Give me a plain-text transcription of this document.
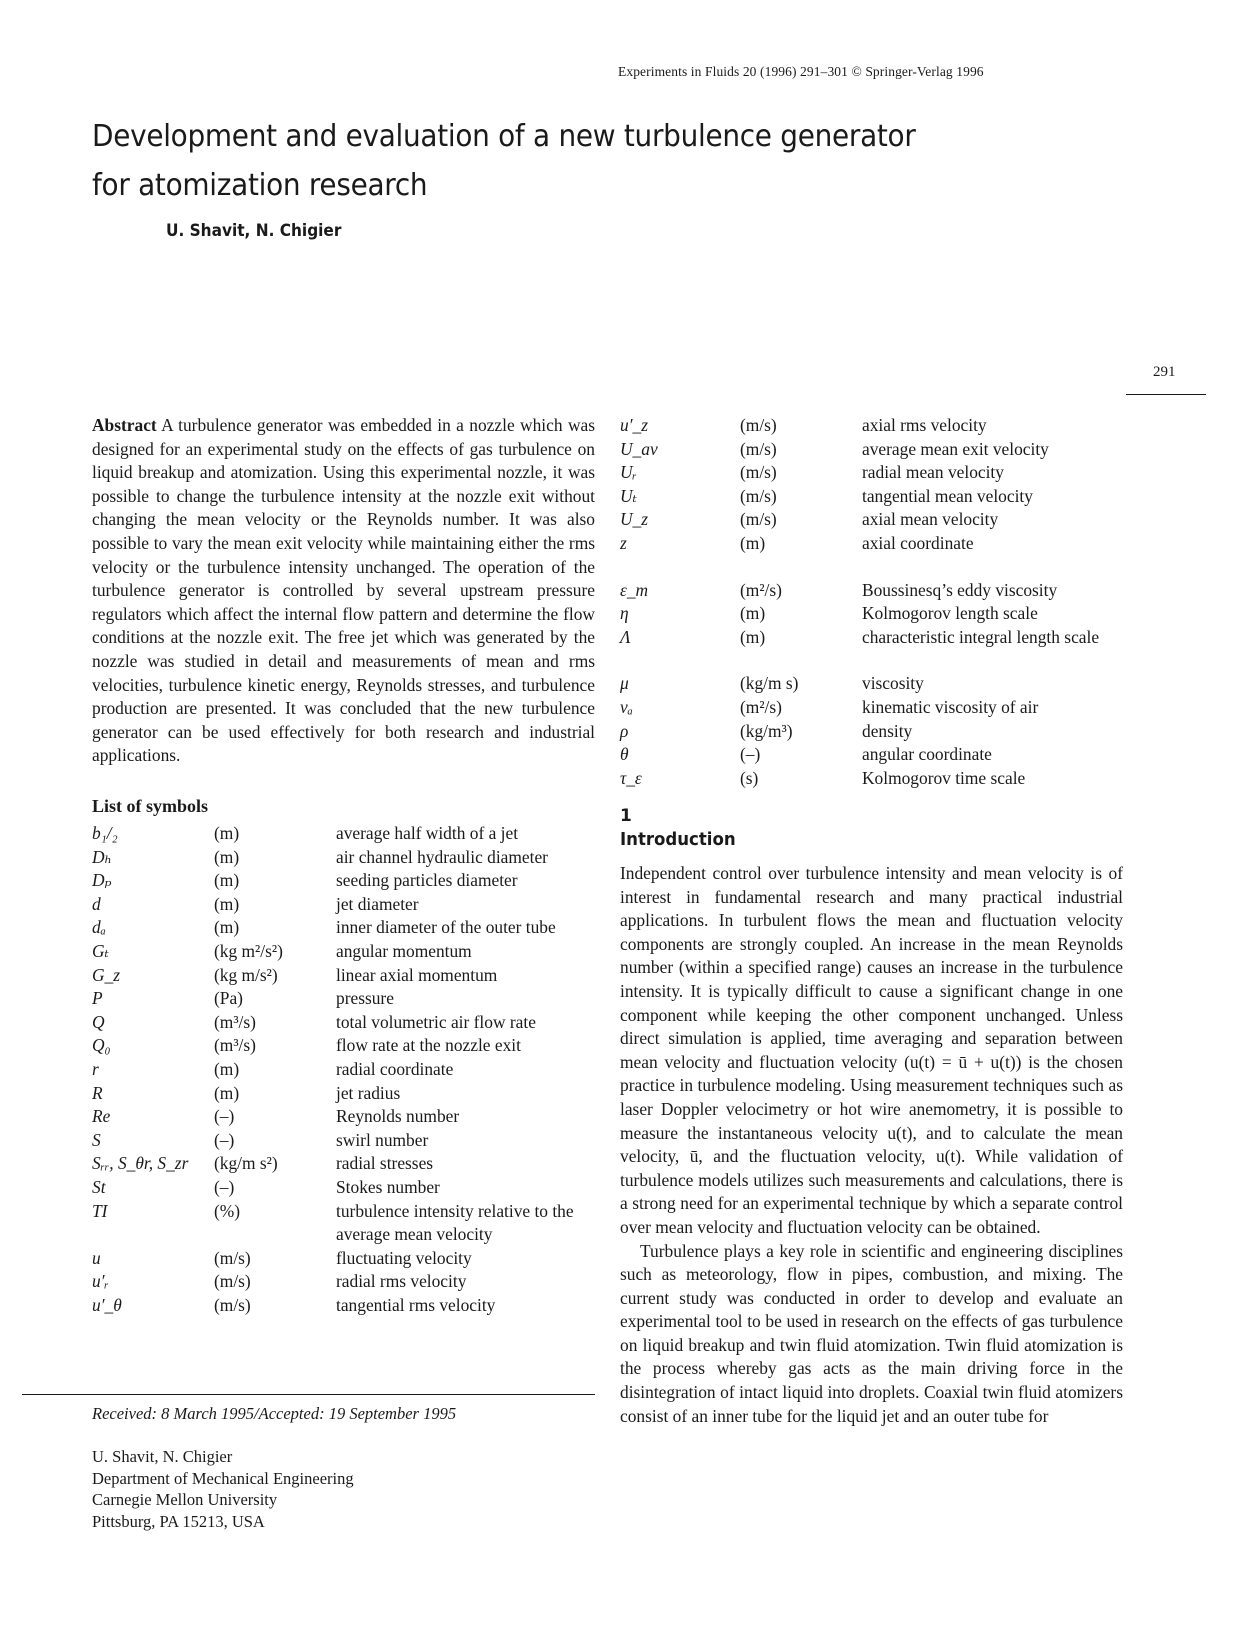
Experiments in Fluids 20 (1996) 291–301 © Springer-Verlag 1996
Development and evaluation of a new turbulence generator
for atomization research
U. Shavit, N. Chigier
291
Abstract A turbulence generator was embedded in a nozzle which was designed for an experimental study on the effects of gas turbulence on liquid breakup and atomization. Using this experimental nozzle, it was possible to change the turbulence intensity at the nozzle exit without changing the mean velocity or the Reynolds number. It was also possible to vary the mean exit velocity while maintaining either the rms velocity or the turbulence intensity unchanged. The operation of the turbulence generator is controlled by several upstream pressure regulators which affect the internal flow pattern and determine the flow conditions at the nozzle exit. The free jet which was generated by the nozzle was studied in detail and measurements of mean and rms velocities, turbulence kinetic energy, Reynolds stresses, and turbulence production are presented. It was concluded that the new turbulence generator can be used effectively for both research and industrial applications.
List of symbols
b₁/₂	(m)	average half width of a jet
Dₕ	(m)	air channel hydraulic diameter
Dₚ	(m)	seeding particles diameter
d	(m)	jet diameter
dₐ	(m)	inner diameter of the outer tube
Gₜ	(kg m²/s²)	angular momentum
G_z	(kg m/s²)	linear axial momentum
P	(Pa)	pressure
Q	(m³/s)	total volumetric air flow rate
Q₀	(m³/s)	flow rate at the nozzle exit
r	(m)	radial coordinate
R	(m)	jet radius
Re	(–)	Reynolds number
S	(–)	swirl number
Sᵣᵣ, S_θr, S_zr	(kg/m s²)	radial stresses
St	(–)	Stokes number
TI	(%)	turbulence intensity relative to the average mean velocity
u	(m/s)	fluctuating velocity
u′ᵣ	(m/s)	radial rms velocity
u′_θ	(m/s)	tangential rms velocity
u′_z	(m/s)	axial rms velocity
U_av	(m/s)	average mean exit velocity
Uᵣ	(m/s)	radial mean velocity
Uₜ	(m/s)	tangential mean velocity
U_z	(m/s)	axial mean velocity
z	(m)	axial coordinate
ε_m	(m²/s)	Boussinesq’s eddy viscosity
η	(m)	Kolmogorov length scale
Λ	(m)	characteristic integral length scale
μ	(kg/m s)	viscosity
νₐ	(m²/s)	kinematic viscosity of air
ρ	(kg/m³)	density
θ	(–)	angular coordinate
τ_ε	(s)	Kolmogorov time scale
1
Introduction

Independent control over turbulence intensity and mean velocity is of interest in fundamental research and many practical industrial applications. In turbulent flows the mean and fluctuation velocity components are strongly coupled. An increase in the mean Reynolds number (within a specified range) causes an increase in the turbulence intensity. It is typically difficult to cause a significant change in one component while keeping the other component unchanged. Unless direct simulation is applied, time averaging and separation between mean velocity and fluctuation velocity (u(t) = ū + u(t)) is the chosen practice in turbulence modeling. Using measurement techniques such as laser Doppler velocimetry or hot wire anemometry, it is possible to measure the instantaneous velocity u(t), and to calculate the mean velocity, ū, and the fluctuation velocity, u(t). While validation of turbulence models utilizes such measurements and calculations, there is a strong need for an experimental technique by which a separate control over mean velocity and fluctuation velocity can be obtained.

Turbulence plays a key role in scientific and engineering disciplines such as meteorology, flow in pipes, combustion, and mixing. The current study was conducted in order to develop and evaluate an experimental tool to be used in research on the effects of gas turbulence on liquid breakup and twin fluid atomization. Twin fluid atomization is the process whereby gas acts as the main driving force in the disintegration of intact liquid into droplets. Coaxial twin fluid atomizers consist of an inner tube for the liquid jet and an outer tube for

Received: 8 March 1995/Accepted: 19 September 1995
U. Shavit, N. Chigier
Department of Mechanical Engineering
Carnegie Mellon University
Pittsburg, PA 15213, USA
